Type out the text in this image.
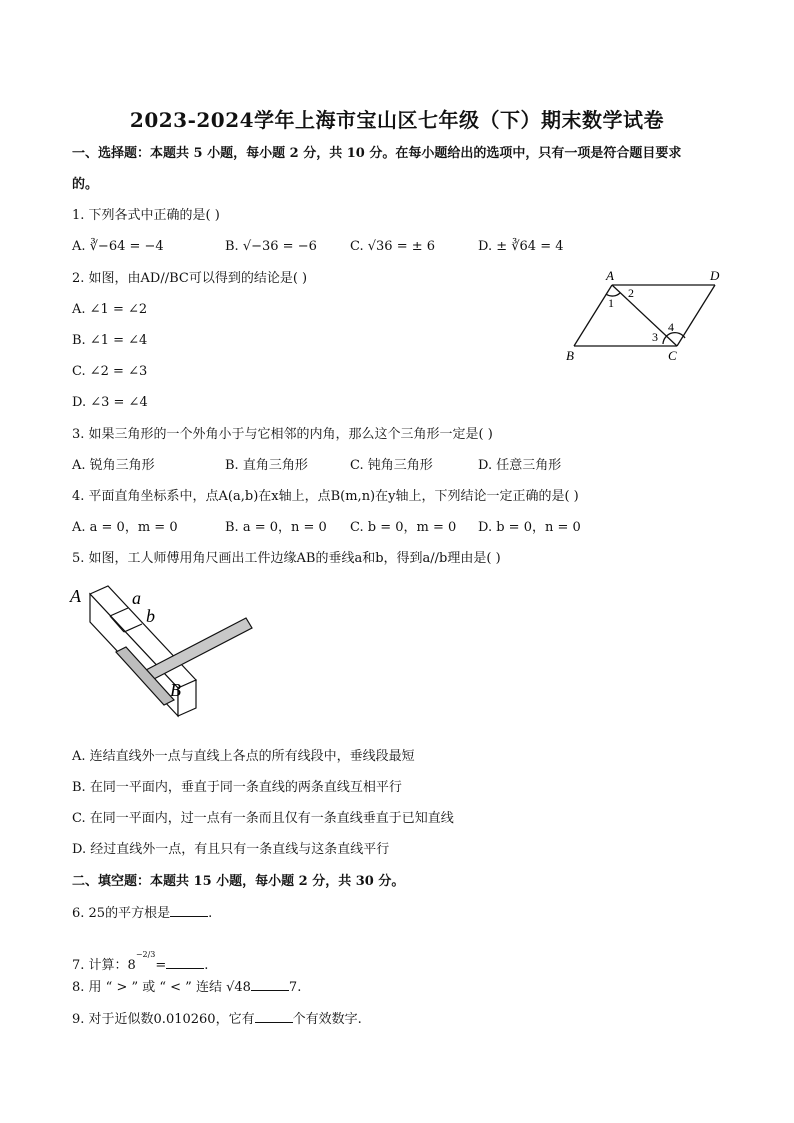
2023-2024学年上海市宝山区七年级（下）期末数学试卷
一、选择题：本题共 5 小题，每小题 2 分，共 10 分。在每小题给出的选项中，只有一项是符合题目要求
的。
1. 下列各式中正确的是( )
A. ∛−64 = −4	B. √−36 = −6	C. √36 = ± 6	D. ± ∛64 = 4
2. 如图，由AD//BC可以得到的结论是( )
A. ∠1 = ∠2
B. ∠1 = ∠4
C. ∠2 = ∠3
D. ∠3 = ∠4
A	D
B	C
1
2
3
4
3. 如果三角形的一个外角小于与它相邻的内角，那么这个三角形一定是( )
A. 锐角三角形	B. 直角三角形	C. 钝角三角形	D. 任意三角形
4. 平面直角坐标系中，点A(a,b)在x轴上，点B(m,n)在y轴上，下列结论一定正确的是( )
A. a = 0，m = 0	B. a = 0，n = 0 C. b = 0，m = 0 D. b = 0，n = 0
5. 如图，工人师傅用角尺画出工件边缘AB的垂线a和b，得到a//b理由是( )
A	a
b
B
A. 连结直线外一点与直线上各点的所有线段中，垂线段最短
B. 在同一平面内，垂直于同一条直线的两条直线互相平行
C. 在同一平面内，过一点有一条而且仅有一条直线垂直于已知直线
D. 经过直线外一点，有且只有一条直线与这条直线平行
二、填空题：本题共 15 小题，每小题 2 分，共 30 分。
6. 25的平方根是	.
7. 计算：$8^{-2/3}=$	.
8. 用 “ > ” 或 “ < ” 连结 √48	7.
9. 对于近似数0.010260，它有	个有效数字.
